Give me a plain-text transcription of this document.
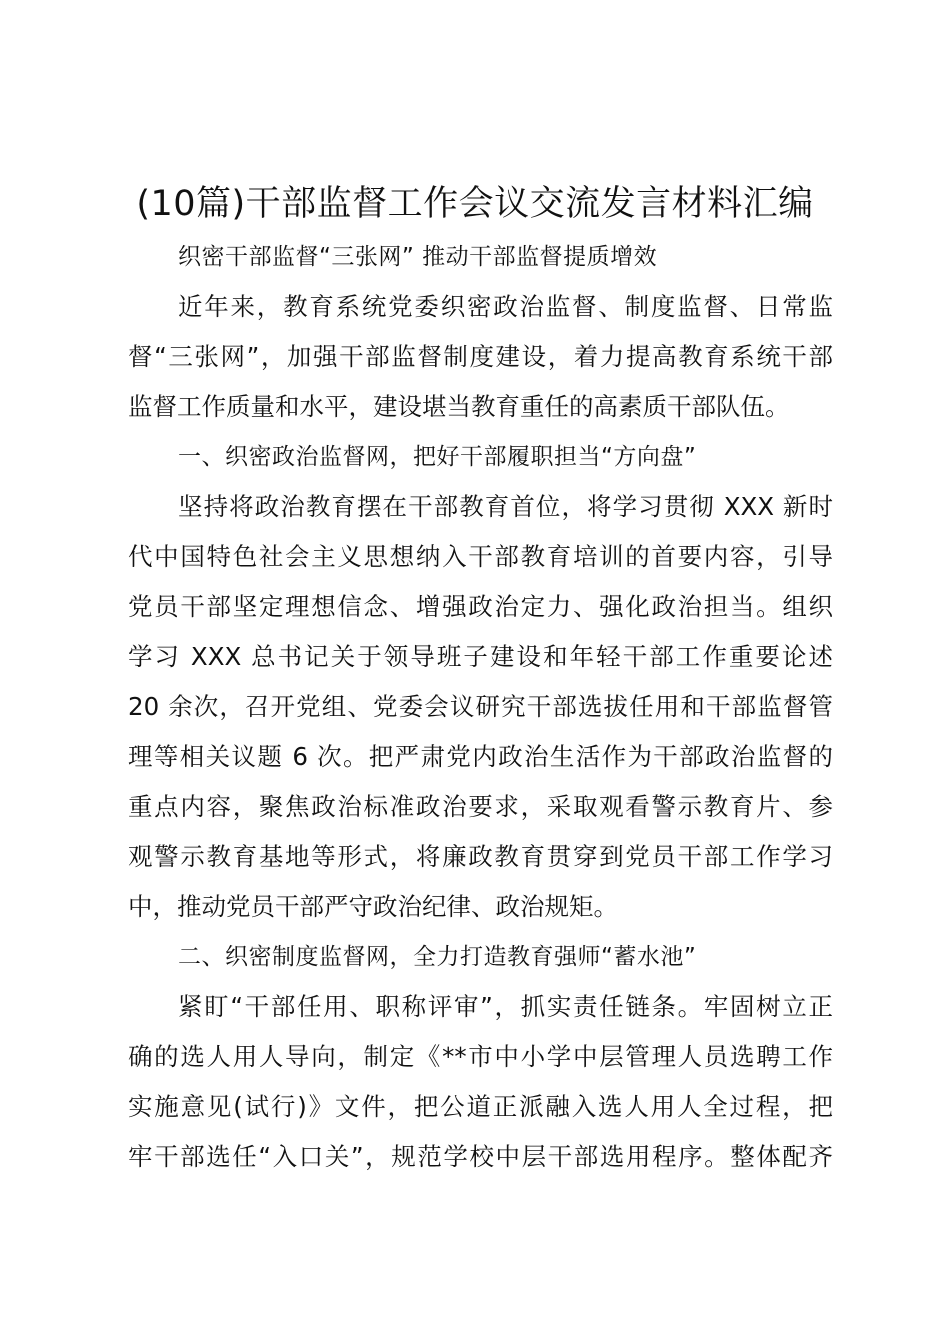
(10篇)干部监督工作会议交流发言材料汇编
织密干部监督“三张网” 推动干部监督提质增效
近年来，教育系统党委织密政治监督、制度监督、日常监
督“三张网”，加强干部监督制度建设，着力提高教育系统干部
监督工作质量和水平，建设堪当教育重任的高素质干部队伍。
一、织密政治监督网，把好干部履职担当“方向盘”
坚持将政治教育摆在干部教育首位，将学习贯彻 XXX 新时
代中国特色社会主义思想纳入干部教育培训的首要内容，引导
党员干部坚定理想信念、增强政治定力、强化政治担当。组织
学习 XXX 总书记关于领导班子建设和年轻干部工作重要论述
20 余次，召开党组、党委会议研究干部选拔任用和干部监督管
理等相关议题 6 次。把严肃党内政治生活作为干部政治监督的
重点内容，聚焦政治标准政治要求，采取观看警示教育片、参
观警示教育基地等形式，将廉政教育贯穿到党员干部工作学习
中，推动党员干部严守政治纪律、政治规矩。
二、织密制度监督网，全力打造教育强师“蓄水池”
紧盯“干部任用、职称评审”，抓实责任链条。牢固树立正
确的选人用人导向，制定《**市中小学中层管理人员选聘工作
实施意见(试行)》文件，把公道正派融入选人用人全过程，把
牢干部选任“入口关”，规范学校中层干部选用程序。整体配齐
